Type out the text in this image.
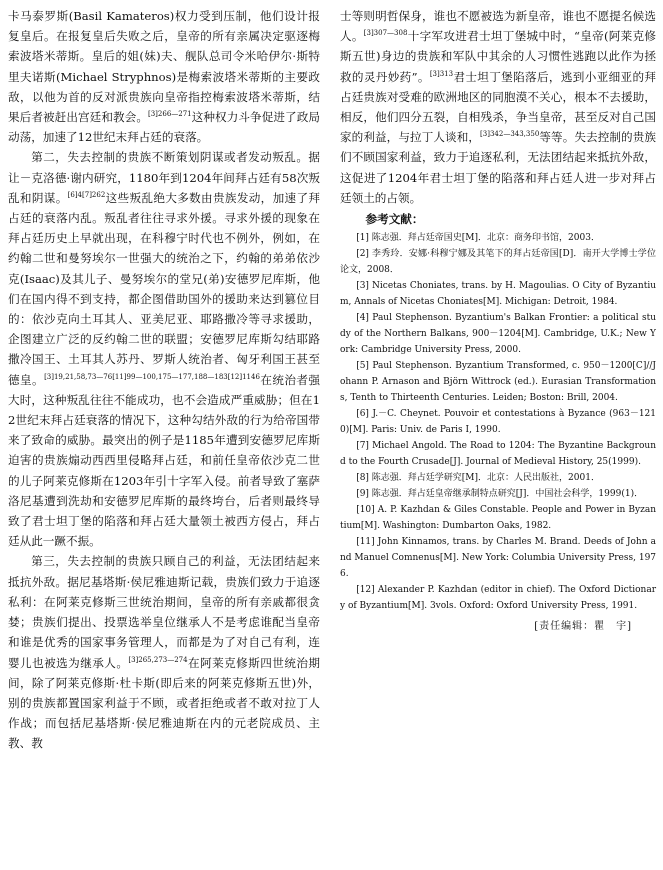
卡马泰罗斯(Basil Kamateros)权力受到压制，他们设计报复皇后。在报复皇后失败之后，皇帝的所有亲属决定驱逐梅索波塔米蒂斯。皇后的姐(妹)夫、舰队总司令米哈伊尔·斯特里夫诺斯(Michael Stryphnos)是梅索波塔米蒂斯的主要政敌，以他为首的反对派贵族向皇帝指控梅索波塔米蒂斯，结果后者被赶出宫廷和教会。$^{[3]266—271}$这种权力斗争促进了政局动荡，加速了12世纪末拜占廷的衰落。

第二，失去控制的贵族不断策划阴谋或者发动叛乱。据让－克洛德·谢内研究，1180年到1204年间拜占廷有58次叛乱和阴谋。$^{[6]4[7]262}$这些叛乱绝大多数由贵族发动，加速了拜占廷的衰落内乱。叛乱者往往寻求外援。寻求外援的现象在拜占廷历史上早就出现，在科穆宁时代也不例外，例如，在约翰二世和曼努埃尔一世强大的统治之下，约翰的弟弟依沙克(Isaac)及其儿子、曼努埃尔的堂兄(弟)安德罗尼库斯，他们在国内得不到支持，都企图借助国外的援助来达到篡位目的：依沙克向土耳其人、亚美尼亚、耶路撒冷等寻求援助，企图建立广泛的反约翰二世的联盟；安德罗尼库斯勾结耶路撒冷国王、土耳其人苏丹、罗斯人统治者、匈牙利国王甚至德皇。$^{[3]19,21,58,73—76[11]99—100,175—177,188—183[12]1146}$在统治者强大时，这种叛乱往往不能成功，也不会造成严重威胁；但在12世纪末拜占廷衰落的情况下，这种勾结外敌的行为给帝国带来了致命的威胁。最突出的例子是1185年遭到安德罗尼库斯迫害的贵族煽动西西里侵略拜占廷，和前任皇帝依沙克二世的儿子阿莱克修斯在1203年引十字军入侵。前者导致了塞萨洛尼基遭到洗劫和安德罗尼库斯的最终垮台，后者则最终导致了君士坦丁堡的陷落和拜占廷大量领土被西方侵占，拜占廷从此一蹶不振。

第三，失去控制的贵族只顾自己的利益，无法团结起来抵抗外敌。据尼基塔斯·侯尼雅迪斯记载，贵族们致力于追逐私利：在阿莱克修斯三世统治期间，皇帝的所有亲戚都很贪婪；贵族们提出、投票选举皇位继承人不是考虑谁配当皇帝和谁是优秀的国家事务管理人，而都是为了对自己有利，连婴儿也被选为继承人。$^{[3]265,273—274}$在阿莱克修斯四世统治期间，除了阿莱克修斯·杜卡斯(即后来的阿莱克修斯五世)外，别的贵族都置国家利益于不顾，或者拒绝或者不敢对拉丁人作战；而包括尼基塔斯·侯尼雅迪斯在内的元老院成员、主教、教

士等则明哲保身，谁也不愿被选为新皇帝，谁也不愿提名候选人。$^{[3]307—308}$十字军攻进君士坦丁堡城中时，“皇帝(阿莱克修斯五世)身边的贵族和军队中其余的人习惯性逃跑以此作为拯救的灵丹妙药”。$^{[3]313}$君士坦丁堡陷落后，逃到小亚细亚的拜占廷贵族对受难的欧洲地区的同胞漠不关心，根本不去援助，相反，他们四分五裂，自相残杀，争当皇帝，甚至反对自己国家的利益，与拉丁人谈和，$^{[3]342—343,350}$等等。失去控制的贵族们不顾国家利益，致力于追逐私利，无法团结起来抵抗外敌，这促进了1204年君士坦丁堡的陷落和拜占廷人进一步对拜占廷领土的占领。

参考文献：

[1] 陈志强．拜占廷帝国史[M]．北京：商务印书馆，2003．
[2] 李秀玲．安娜·科穆宁娜及其笔下的拜占廷帝国[D]．南开大学博士学位论文，2008．
[3] Nicetas Choniates, trans. by H. Magoulias. O City of Byzantium, Annals of Nicetas Choniates[M]. Michigan: Detroit, 1984.
[4] Paul Stephenson. Byzantium's Balkan Frontier: a political study of the Northern Balkans, 900－1204[M]. Cambridge, U.K.; New York: Cambridge University Press, 2000.
[5] Paul Stephenson. Byzantium Transformed, c. 950－1200[C]//Johann P. Arnason and Björn Wittrock (ed.). Eurasian Transformations, Tenth to Thirteenth Centuries. Leiden; Boston: Brill, 2004.
[6] J.－C. Cheynet. Pouvoir et contestations à Byzance (963－1210)[M]. Paris: Univ. de Paris I, 1990.
[7] Michael Angold. The Road to 1204: The Byzantine Background to the Fourth Crusade[J]. Journal of Medieval History, 25(1999).
[8] 陈志强．拜占廷学研究[M]．北京：人民出版社，2001．
[9] 陈志强．拜占廷皇帝继承制特点研究[J]．中国社会科学，1999(1)．
[10] A. P. Kazhdan & Giles Constable. People and Power in Byzantium[M]. Washington: Dumbarton Oaks, 1982.
[11] John Kinnamos, trans. by Charles M. Brand. Deeds of John and Manuel Comnenus[M]. New York: Columbia University Press, 1976.
[12] Alexander P. Kazhdan (editor in chief). The Oxford Dictionary of Byzantium[M]. 3vols. Oxford: Oxford University Press, 1991.

[责任编辑：瞿　宇]
